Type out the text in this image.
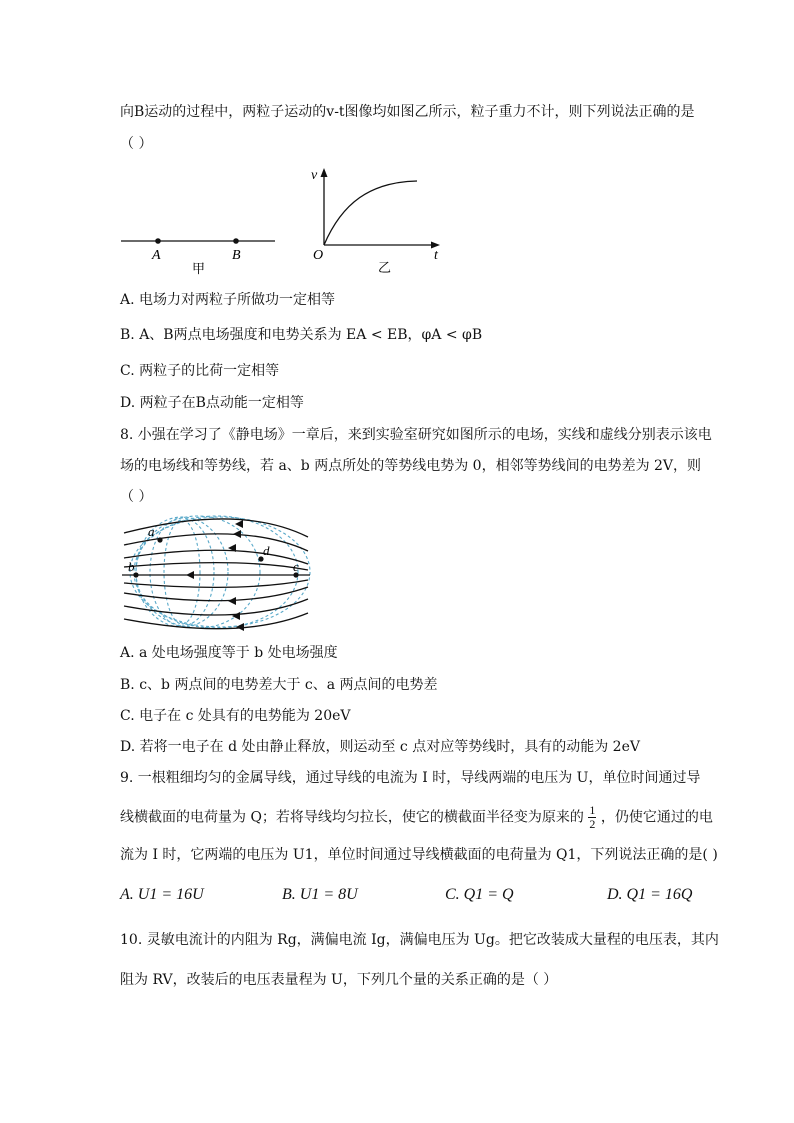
向B运动的过程中，两粒子运动的v-t图像均如图乙所示，粒子重力不计，则下列说法正确的是
（ ）
A	B
甲
v
t
O
乙
A. 电场力对两粒子所做功一定相等
B. A、B两点电场强度和电势关系为 EA < EB，φA < φB
C. 两粒子的比荷一定相等
D. 两粒子在B点动能一定相等
8. 小强在学习了《静电场》一章后，来到实验室研究如图所示的电场，实线和虚线分别表示该电
场的电场线和等势线，若 a、b 两点所处的等势线电势为 0，相邻等势线间的电势差为 2V，则
（ ）
a
b	c
d
A. a 处电场强度等于 b 处电场强度
B. c、b 两点间的电势差大于 c、a 两点间的电势差
C. 电子在 c 处具有的电势能为 20eV
D. 若将一电子在 d 处由静止释放，则运动至 c 点对应等势线时，具有的动能为 2eV
9. 一根粗细均匀的金属导线，通过导线的电流为 I 时，导线两端的电压为 U，单位时间通过导
线横截面的电荷量为 Q；若将导线均匀拉长，使它的横截面半径变为原来的 $\frac{1}{2}$ ，仍使它通过的电
流为 I 时，它两端的电压为 U1，单位时间通过导线横截面的电荷量为 Q1，下列说法正确的是( )
A. U1 = 16U	B. U1 = 8U	C. Q1 = Q	D. Q1 = 16Q
10. 灵敏电流计的内阻为 Rg，满偏电流 Ig，满偏电压为 Ug。把它改装成大量程的电压表，其内
阻为 RV，改装后的电压表量程为 U，下列几个量的关系正确的是（ ）
